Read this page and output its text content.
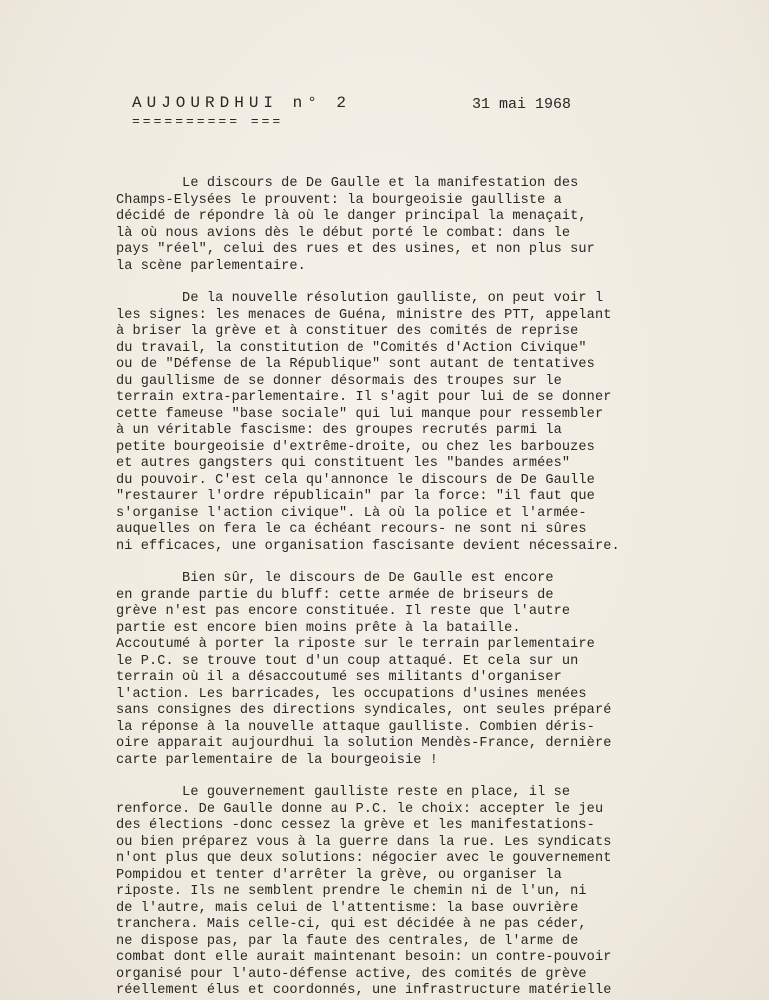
AUJOURDHUI n° 2
========== ===
31 mai 1968
Le discours de De Gaulle et la manifestation des
Champs-Elysées le prouvent: la bourgeoisie gaulliste a
décidé de répondre là où le danger principal la menaçait,
là où nous avions dès le début porté le combat: dans le
pays "réel", celui des rues et des usines, et non plus sur
la scène parlementaire.
De la nouvelle résolution gaulliste, on peut voir l
les signes: les menaces de Guéna, ministre des PTT, appelant
à briser la grève et à constituer des comités de reprise
du travail, la constitution de "Comités d'Action Civique"
ou de "Défense de la République" sont autant de tentatives
du gaullisme de se donner désormais des troupes sur le
terrain extra-parlementaire. Il s'agit pour lui de se donner
cette fameuse "base sociale" qui lui manque pour ressembler
à un véritable fascisme: des groupes recrutés parmi la
petite bourgeoisie d'extrême-droite, ou chez les barbouzes
et autres gangsters qui constituent les "bandes armées"
du pouvoir. C'est cela qu'annonce le discours de De Gaulle
"restaurer l'ordre républicain" par la force: "il faut que
s'organise l'action civique". Là où la police et l'armée-
auquelles on fera le ca échéant recours- ne sont ni sûres
ni efficaces, une organisation fascisante devient nécessaire.
Bien sûr, le discours de De Gaulle est encore
en grande partie du bluff: cette armée de briseurs de
grève n'est pas encore constituée. Il reste que l'autre
partie est encore bien moins prête à la bataille.
Accoutumé à porter la riposte sur le terrain parlementaire
le P.C. se trouve tout d'un coup attaqué. Et cela sur un
terrain où il a désaccoutumé ses militants d'organiser
l'action. Les barricades, les occupations d'usines menées
sans consignes des directions syndicales, ont seules préparé
la réponse à la nouvelle attaque gaulliste. Combien déris-
oire apparait aujourdhui la solution Mendès-France, dernière
carte parlementaire de la bourgeoisie !
Le gouvernement gaulliste reste en place, il se
renforce. De Gaulle donne au P.C. le choix: accepter le jeu
des élections -donc cessez la grève et les manifestations-
ou bien préparez vous à la guerre dans la rue. Les syndicats
n'ont plus que deux solutions: négocier avec le gouvernement
Pompidou et tenter d'arrêter la grève, ou organiser la
riposte. Ils ne semblent prendre le chemin ni de l'un, ni
de l'autre, mais celui de l'attentisme: la base ouvrière
tranchera. Mais celle-ci, qui est décidée à ne pas céder,
ne dispose pas, par la faute des centrales, de l'arme de
combat dont elle aurait maintenant besoin: un contre-pouvoir
organisé pour l'auto-défense active, des comités de grève
réellement élus et coordonnés, une infrastructure matérielle
